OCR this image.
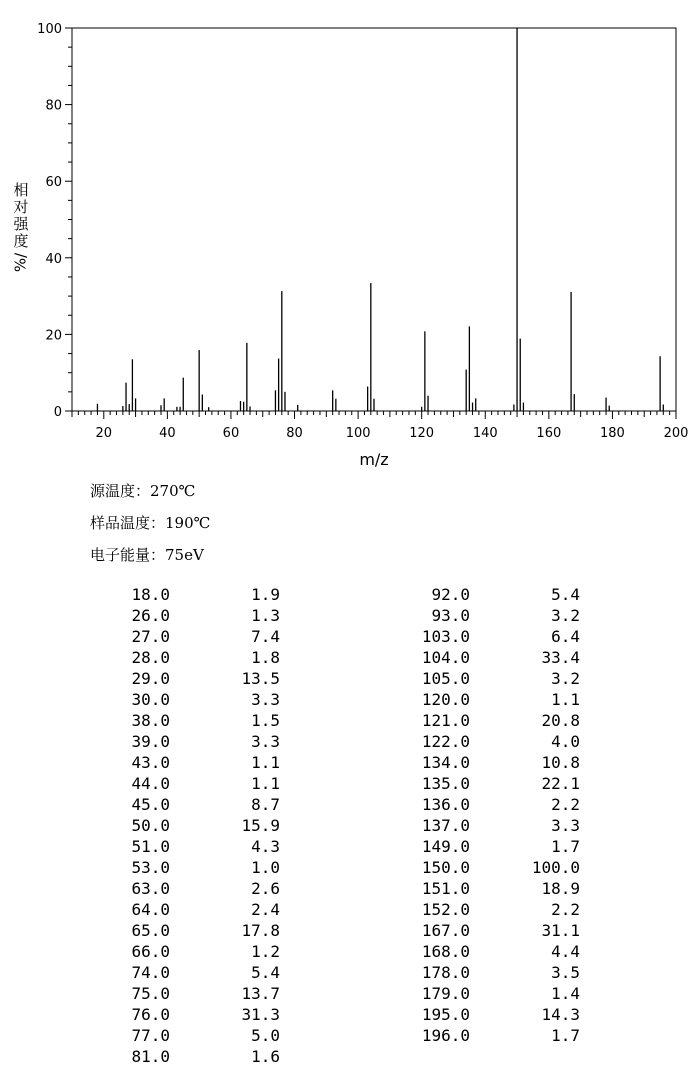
0
20
40
60
80
100
20	40	60	80	100	120	140	160	180	200
m/z
相
对
强
度
%/
源温度：270℃
样品温度：190℃
电子能量：75eV
18.0	1.9
26.0	1.3
27.0	7.4
28.0	1.8
29.0	13.5
30.0	3.3
38.0	1.5
39.0	3.3
43.0	1.1
44.0	1.1
45.0	8.7
50.0	15.9
51.0	4.3
53.0	1.0
63.0	2.6
64.0	2.4
65.0	17.8
66.0	1.2
74.0	5.4
75.0	13.7
76.0	31.3
77.0	5.0
81.0	1.6
92.0	5.4
93.0	3.2
103.0	6.4
104.0	33.4
105.0	3.2
120.0	1.1
121.0	20.8
122.0	4.0
134.0	10.8
135.0	22.1
136.0	2.2
137.0	3.3
149.0	1.7
150.0	100.0
151.0	18.9
152.0	2.2
167.0	31.1
168.0	4.4
178.0	3.5
179.0	1.4
195.0	14.3
196.0	1.7
